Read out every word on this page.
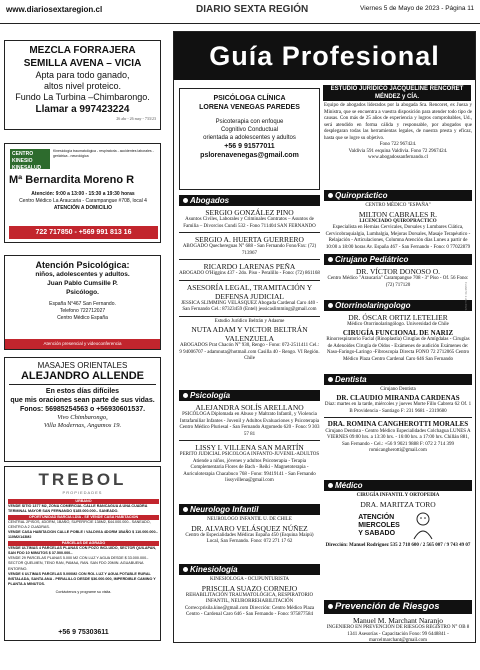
www.diariosextaregion.cl	DIARIO SEXTA REGIÓN	Viernes 5 de Mayo de 2023 - Página 11
MEZCLA FORRAJERA
SEMILLA AVENA – VICIA
Apta para todo ganado,
altos nivel proteico.
Fundo La Turbina –Chimbarongo.
Llamar a 997423224
26 abr - 26 may - 733/23
CENTRO KINESIO KINESALUD
Kinesiología traumatológica - respiratoria - accidentes laborales - geriátrica - neurológica
Mª Bernardita Moreno R
Atención: 9:00 a 13:00 - 15:30 a 19:30 horas
Centro Médico La Araucaria - Carampangue #708, local 4
ATENCIÓN A DOMICILIO
722 717850 - +569 991 813 16
Atención Psicológica:
niños, adolescentes y adultos.
Juan Pablo Cumsille P.
Psicólogo.
España N°467 San Fernando.
Telefono 722712027
Centro Médico España
Atención presencial y videoconferencia
MASAJES ORIENTALES
ALEJANDRO ALLENDE
En estos días difíciles
que mis oraciones sean parte de sus vidas.
Fonos: 56985254563 o +56930601537.
Vivo Chimbarongo,
Villa Modernas, Angamos 19.
TREBOL
PROPIEDADES
URBANO
VENDE SITIO 1377 M2, ZONA COMERCIAL CALLE RANCAGUA A UNA CUADRA TERMINAL MAYOR SAN FERNANDO $185.000.000.- SANEADO.
OPORTUNIDAD BARCIA LDÍA - SE VENDE CASA HABITACION
CENTRAL 2PISOS, 4DORM, 1BAÑO, SUPERFICIE 138M2, $44.000.000.- SANEADO, CENTRO A 2 CUADRAS.
VENDE CASA HABITACION CALLE POBLE / VALDIVIA 4DORM 1BAÑO $ 110.000.000.- 110M2/143M2
PARCELAS DE AGRADO
VENDE ULTIMAS 4 PARCELAS PLANAS CON POZO INCLUIDO, SECTOR QUILAPAN, SAN FDO 10 MINUTOS $ 37.500.000.-
VENDE 29 PARCELAS PLANAS 5.000 M2 CON LUZ Y AGUA DESDE $ 33.000.000.- SECTOR QUELMEN, TENO RAN, PAMAA, RAN. SAN FDO 20MIN. AGUABUENA ENTORNO.
VENDE 6 ULTIMAS PARCELAS 5.000M2 CON ROL LUZ Y AGUA POTABLE RURAL INSTALADA, SANTA ANA - PERALILLO DESDE $36.000.000, IMPERDIBLE CAMINO Y PLANTA A MINUTOS.
Contáctenos y programe su visita.
+56 9 75303611
Guía Profesional
PSICÓLOGA CLÍNICA
LORENA VENEGAS PAREDES
Psicoterapia con enfoque
Cognitivo Conductual
orientada a adolescentes y adultos
+56 9 91577011
pslorenavenegas@gmail.com
Abogados
SERGIO GONZÁLEZ PINO
Asuntos Civiles, Laborales y Criminales Contratos – Asuntos de Familia – Divorcios Cundi 532 - Fono 711404 SAN FERNANDO
SERGIO A. HUERTA GUERRERO
ABOGADO Quechereguas N° 688 - San Fernando Fono/Fax: (72) 713967
RICARDO LARENAS PEÑA
ABOGADO O'Higgins 437 - 2do. Piso - Peralillo - Fono: (72) 861168
ASESORÍA LEGAL, TRAMITACIÓN Y DEFENSA JUDICIAL
JESSICA SLIMMING VELÁSQUEZ Abogada Cardenal Caro 440 - San Fernando Cel.: 87323459 (Entel) jessicaslimming@gmail.com
Estudio Jurídico Beltrán y Adasme
NUTA ADAM Y VICTOR BELTRÁN VALENZUELA
ABOGADOS Prat Chacón N° 930, Rengo - Fono: 072-2511411 Cel.: 9 94006707 - adamnuta@hotmail.com Casilla 40 - Rengo. VI Región. Chile
Psicología
ALEJANDRA SOLÍS ARELLANO
PSICÓLOGA Diplomada en Abuso y Maltrato Infantil, y Violencia Intrafamiliar Infantes - Juvenil y Adultos Evaluaciones y Psicoterapia Centro Médico Pluriesal - San Fernando Argomedo 620 - Fono: 9 303 57 81
LISSY I. VILLENA SAN MARTÍN
PERITO JUDICIAL PSICOLOGA INFANTO-JUVENIL-ADULTOS Atiende a niños, jóvenes y adultos Psicoterapia - Terapia Complementaria Flores de Bach - Reiki - Magnetoterapia - Auriculoterapia Chacabuco 768 - Fono: 99419141 - San Fernando lissyvillena@gmail.com
Neurologo Infantil
NEUROLOGO INFANTIL U. DE CHILE
DR. ALVARO VELÁSQUEZ NÚÑEZ
Centro de Especialidades Médicas España 450 (Esquina Maipú) Local, San Fernando. Fono: 072 271 17 62
Kinesiología
KINESIOLOGA - OCUPUNTURISTA
PRISCILA SUAZO CORNEJO
REHABILITACIÓN TRAUMATOLÓGICA, RESPIRATORIO INFANTIL, NEURORREHABILITACIÓN Correo:prisila.kine@gmail.com Dirección: Centro Médico Plaza Centro - Cardenal Caro 646 - San Fernando - Fono: 975877584
ESTUDIO JURÍDICO JACQUELINE RENCORET MÉNDEZ y CÍA.
Equipo de abogados liderados por la abogada Sra. Rencoret, ex Jueza y Ministra, que se encuentra a vuestra disposición para atender todo tipo de causas. Con más de 25 años de experiencia y logros comprobables, Ud., será atendido en forma cálida y responsable, por abogados que desplegaran todas las herramientas legales, de nuestra presta y eficaz, hasta que se logre su objetivo.
Fono 722 967424.
Valdivia 591 esquina Valdivia. Fono 72 2967424.
www.abogadossanfernando.cl
Quiropráctico
CENTRO MÉDICO "ESPAÑA"
MILTON CABRALES R.
LICENCIADO QUIROPRACTICO
Especialista en Hernias Cervicales, Dorsales y Lumbares Ciática, Cervicobraquialgia, Lumbalgia, Mejoras Dorsales, Masaje Terapéutico - Relajación - Articulaciones, Columna Atención días Lunes a partir de 10:00 a 18:00 horas Av. España 467 - San Fernando - Fono: 0 77022879
Cirujano Pediátrico
DR. VÍCTOR DONOSO O.
Centro Médico "Araucaria" Carampangue 708 - 3º Piso - Of. 56 Fono: (72) 717120
Otorrinolaringologo
DR. ÓSCAR ORTIZ LETELIER
Médico Otorrinolaringólogo. Universidad de Chile
CIRUGÍA FUNCIONAL DE NARIZ
Rinorrespiratorio Facial (Rinoplastia) Cirugías de Amígdalas - Cirugías de Adenoides Cirugía de Oídos - Exámenes de audición Exámenes de: Naso-Faringo-Laringo -Fibroscopia Directa FONO 72 2712065 Centro Médico Plaza Centro Cardenal Caro 646 San Fernando
Dentista
Cirujano Dentista
DR. CLAUDIO MIRANDA CARDENAS
Diaz: martes en la tarde, miércoles y jueves Morte Fillo Cabrera 62 Of. 1 B Providencia - Santiago F: 231 9681 - 2319680
DRA. ROMINA CANGHEROTTI MORALES
Cirujano Dentista - Centro Médico Especialidades Colchagua LUNES A VIERNES 09:00 hrs. a 13:30 hrs. - 16:00 hrs. a 17:00 hrs. Chillán 881, San Fernando - Cel.: +56 9 9021 9888 F: 072 2 714 399 romicangherotti@gmail.com
Médico
CIRUGÍA INFANTIL Y ORTOPEDIA
DRA. MARITZA TORO
ATENCIÓN
MIERCOLES
Y SABADO
Dirección: Manuel Rodríguez 535 2 718 600 / 2 565 007 / 9 743 49 07
Prevención de Riesgos
Manuel M. Marchant Naranjo
INGENIERO EN PREVENCIÓN DE RIESGOS REGISTRO N° OB 8 1341 Asesorías - Capacitación Fono: 99 6448841 - marcelmarchant@gmail.com
Cedid 51 x dia 2024
